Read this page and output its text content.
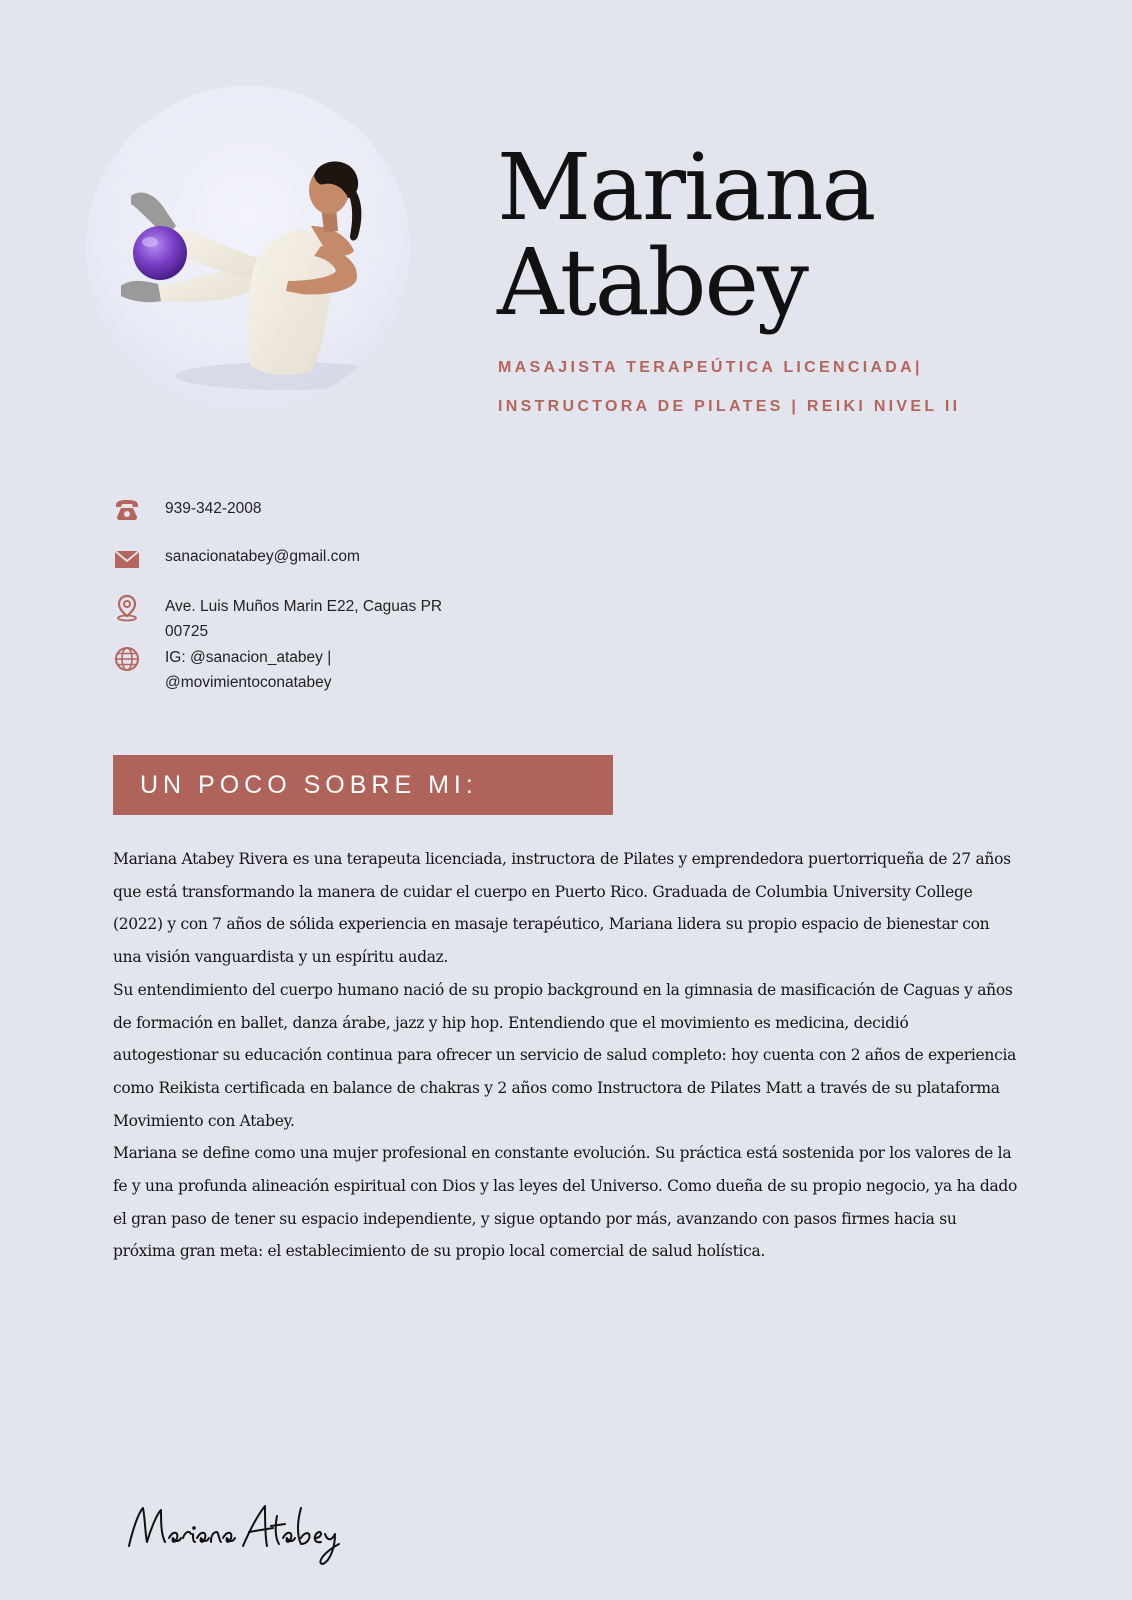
Mariana
Atabey
MASAJISTA TERAPEÚTICA LICENCIADA|
INSTRUCTORA DE PILATES | REIKI NIVEL II
939-342-2008
sanacionatabey@gmail.com
Ave. Luis Muños Marin E22, Caguas PR
00725
IG: @sanacion_atabey |
@movimientoconatabey
UN POCO SOBRE MI:

Mariana Atabey Rivera es una terapeuta licenciada, instructora de Pilates y emprendedora puertorriqueña de 27 años que está transformando la manera de cuidar el cuerpo en Puerto Rico. Graduada de Columbia University College (2022) y con 7 años de sólida experiencia en masaje terapéutico, Mariana lidera su propio espacio de bienestar con una visión vanguardista y un espíritu audaz.

Su entendimiento del cuerpo humano nació de su propio background en la gimnasia de masificación de Caguas y años de formación en ballet, danza árabe, jazz y hip hop. Entendiendo que el movimiento es medicina, decidió autogestionar su educación continua para ofrecer un servicio de salud completo: hoy cuenta con 2 años de experiencia como Reikista certificada en balance de chakras y 2 años como Instructora de Pilates Matt a través de su plataforma Movimiento con Atabey.

Mariana se define como una mujer profesional en constante evolución. Su práctica está sostenida por los valores de la fe y una profunda alineación espiritual con Dios y las leyes del Universo. Como dueña de su propio negocio, ya ha dado el gran paso de tener su espacio independiente, y sigue optando por más, avanzando con pasos firmes hacia su próxima gran meta: el establecimiento de su propio local comercial de salud holística.
